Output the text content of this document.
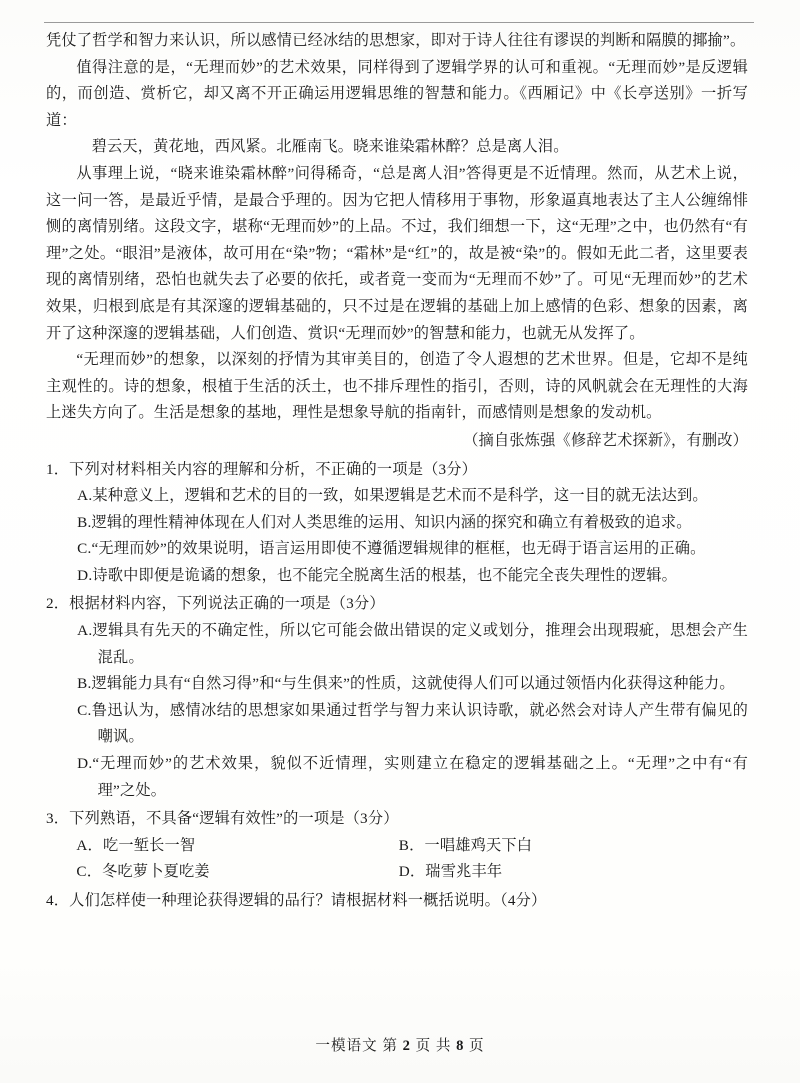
凭仗了哲学和智力来认识，所以感情已经冰结的思想家，即对于诗人往往有谬误的判断和隔膜的揶揄”。

值得注意的是，“无理而妙”的艺术效果，同样得到了逻辑学界的认可和重视。“无理而妙”是反逻辑的，而创造、赏析它，却又离不开正确运用逻辑思维的智慧和能力。《西厢记》中《长亭送别》一折写道：

碧云天，黄花地，西风紧。北雁南飞。晓来谁染霜林醉？总是离人泪。

从事理上说，“晓来谁染霜林醉”问得稀奇，“总是离人泪”答得更是不近情理。然而，从艺术上说，这一问一答，是最近乎情，是最合乎理的。因为它把人情移用于事物，形象逼真地表达了主人公缠绵悱恻的离情别绪。这段文字，堪称“无理而妙”的上品。不过，我们细想一下，这“无理”之中，也仍然有“有理”之处。“眼泪”是液体，故可用在“染”物；“霜林”是“红”的，故是被“染”的。假如无此二者，这里要表现的离情别绪，恐怕也就失去了必要的依托，或者竟一变而为“无理而不妙”了。可见“无理而妙”的艺术效果，归根到底是有其深邃的逻辑基础的，只不过是在逻辑的基础上加上感情的色彩、想象的因素，离开了这种深邃的逻辑基础，人们创造、赏识“无理而妙”的智慧和能力，也就无从发挥了。

“无理而妙”的想象，以深刻的抒情为其审美目的，创造了令人遐想的艺术世界。但是，它却不是纯主观性的。诗的想象，根植于生活的沃土，也不排斥理性的指引，否则，诗的风帆就会在无理性的大海上迷失方向了。生活是想象的基地，理性是想象导航的指南针，而感情则是想象的发动机。

（摘自张炼强《修辞艺术探新》，有删改）

1．下列对材料相关内容的理解和分析，不正确的一项是（3分）
A.某种意义上，逻辑和艺术的目的一致，如果逻辑是艺术而不是科学，这一目的就无法达到。
B.逻辑的理性精神体现在人们对人类思维的运用、知识内涵的探究和确立有着极致的追求。
C.“无理而妙”的效果说明，语言运用即使不遵循逻辑规律的框框，也无碍于语言运用的正确。
D.诗歌中即便是诡谲的想象，也不能完全脱离生活的根基，也不能完全丧失理性的逻辑。
2．根据材料内容，下列说法正确的一项是（3分）
A.逻辑具有先天的不确定性，所以它可能会做出错误的定义或划分，推理会出现瑕疵，思想会产生混乱。
B.逻辑能力具有“自然习得”和“与生俱来”的性质，这就使得人们可以通过领悟内化获得这种能力。
C.鲁迅认为，感情冰结的思想家如果通过哲学与智力来认识诗歌，就必然会对诗人产生带有偏见的嘲讽。
D.“无理而妙”的艺术效果，貌似不近情理，实则建立在稳定的逻辑基础之上。“无理”之中有“有理”之处。
3．下列熟语，不具备“逻辑有效性”的一项是（3分）
A．吃一堑长一智	B．一唱雄鸡天下白
C．冬吃萝卜夏吃姜	D．瑞雪兆丰年
4．人们怎样使一种理论获得逻辑的品行？请根据材料一概括说明。（4分）
一模语文 第 2 页 共 8 页
